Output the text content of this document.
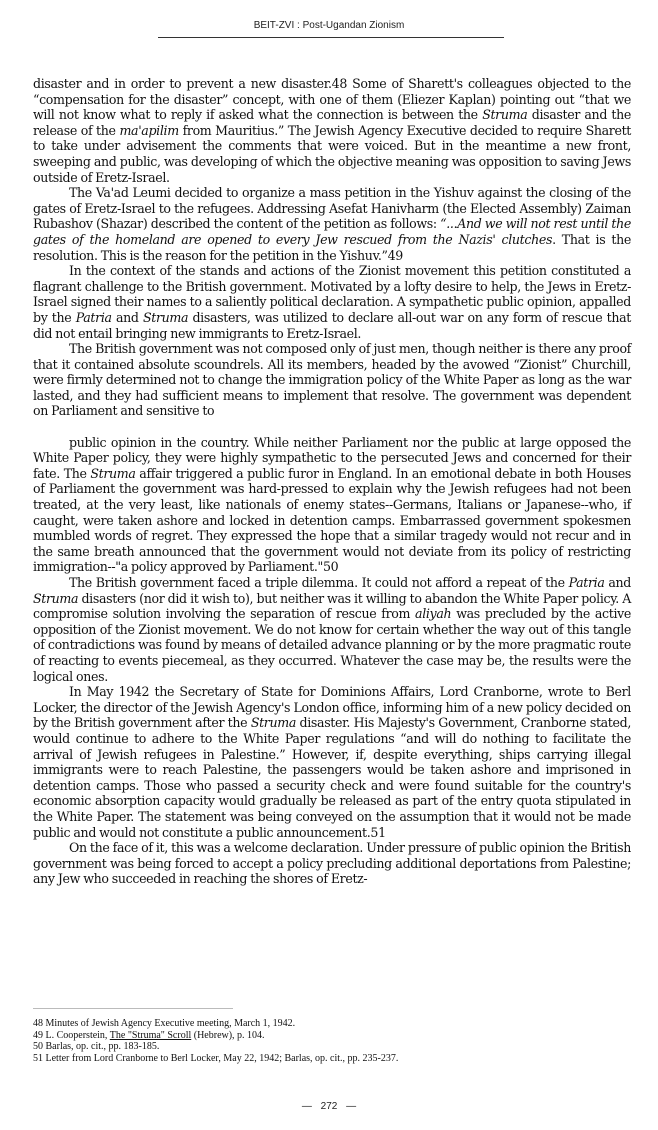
BEIT-ZVI : Post-Ugandan Zionism

disaster and in order to prevent a new disaster.48 Some of Sharett's colleagues objected to the “compensation for the disaster” concept, with one of them (Eliezer Kaplan) pointing out “that we will not know what to reply if asked what the connection is between the Struma disaster and the release of the ma'apilim from Mauritius.” The Jewish Agency Executive decided to require Sharett to take under advisement the comments that were voiced. But in the meantime a new front, sweeping and public, was developing of which the objective meaning was opposition to saving Jews outside of Eretz-Israel.

The Va'ad Leumi decided to organize a mass petition in the Yishuv against the closing of the gates of Eretz-Israel to the refugees. Addressing Asefat Hanivharm (the Elected Assembly) Zaiman Rubashov (Shazar) described the content of the petition as follows: “...And we will not rest until the gates of the homeland are opened to every Jew rescued from the Nazis' clutches. That is the resolution. This is the reason for the petition in the Yishuv.”49

In the context of the stands and actions of the Zionist movement this petition constituted a flagrant challenge to the British government. Motivated by a lofty desire to help, the Jews in Eretz-Israel signed their names to a saliently political declaration. A sympathetic public opinion, appalled by the Patria and Struma disasters, was utilized to declare all-out war on any form of rescue that did not entail bringing new immigrants to Eretz-Israel.

The British government was not composed only of just men, though neither is there any proof that it contained absolute scoundrels. All its members, headed by the avowed “Zionist” Churchill, were firmly determined not to change the immigration policy of the White Paper as long as the war lasted, and they had sufficient means to implement that resolve. The government was dependent on Parliament and sensitive to

public opinion in the country. While neither Parliament nor the public at large opposed the White Paper policy, they were highly sympathetic to the persecuted Jews and concerned for their fate. The Struma affair triggered a public furor in England. In an emotional debate in both Houses of Parliament the government was hard-pressed to explain why the Jewish refugees had not been treated, at the very least, like nationals of enemy states--Germans, Italians or Japanese--who, if caught, were taken ashore and locked in detention camps. Embarrassed government spokesmen mumbled words of regret. They expressed the hope that a similar tragedy would not recur and in the same breath announced that the government would not deviate from its policy of restricting immigration--"a policy approved by Parliament."50

The British government faced a triple dilemma. It could not afford a repeat of the Patria and Struma disasters (nor did it wish to), but neither was it willing to abandon the White Paper policy. A compromise solution involving the separation of rescue from aliyah was precluded by the active opposition of the Zionist movement. We do not know for certain whether the way out of this tangle of contradictions was found by means of detailed advance planning or by the more pragmatic route of reacting to events piecemeal, as they occurred. Whatever the case may be, the results were the logical ones.

In May 1942 the Secretary of State for Dominions Affairs, Lord Cranborne, wrote to Berl Locker, the director of the Jewish Agency's London office, informing him of a new policy decided on by the British government after the Struma disaster. His Majesty's Government, Cranborne stated, would continue to adhere to the White Paper regulations “and will do nothing to facilitate the arrival of Jewish refugees in Palestine.” However, if, despite everything, ships carrying illegal immigrants were to reach Palestine, the passengers would be taken ashore and imprisoned in detention camps. Those who passed a security check and were found suitable for the country's economic absorption capacity would gradually be released as part of the entry quota stipulated in the White Paper. The statement was being conveyed on the assumption that it would not be made public and would not constitute a public announcement.51

On the face of it, this was a welcome declaration. Under pressure of public opinion the British government was being forced to accept a policy precluding additional deportations from Palestine; any Jew who succeeded in reaching the shores of Eretz-

48 Minutes of Jewish Agency Executive meeting, March 1, 1942.
49 L. Cooperstein, The "Struma" Scroll (Hebrew), p. 104.
50 Barlas, op. cit., pp. 183-185.
51 Letter from Lord Cranborne to Berl Locker, May 22, 1942; Barlas, op. cit., pp. 235-237.
— 272 —
